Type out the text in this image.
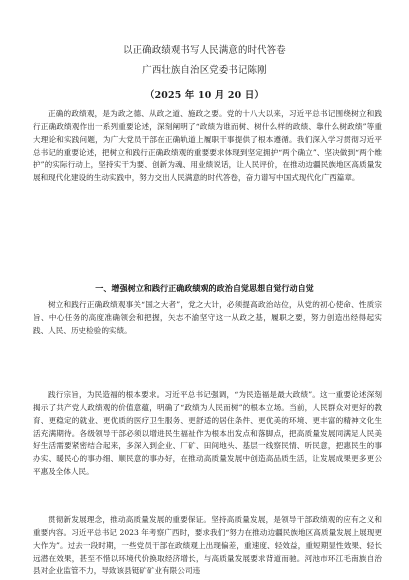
以正确政绩观书写人民满意的时代答卷
广西壮族自治区党委书记陈刚
（2025 年 10 月 20 日）

正确的政绩观，是为政之德、从政之道、施政之要。党的十八大以来，习近平总书记围绕树立和践行正确政绩观作出一系列重要论述，深刻阐明了“政绩为谁而树、树什么样的政绩、靠什么树政绩”等重大理论和实践问题，为广大党员干部在正确轨道上履职干事提供了根本遵循。我们深入学习贯彻习近平总书记的重要论述，把树立和践行正确政绩观的重要要求体现到坚定拥护“两个确立”、坚决做到“两个维护”的实际行动上，坚持实干为要、创新为魂、用业绩说话，让人民评价，在推动边疆民族地区高质量发展和现代化建设的生动实践中，努力交出人民满意的时代答卷，奋力谱写中国式现代化广西篇章。

一、增强树立和践行正确政绩观的政治自觉思想自觉行动自觉

树立和践行正确政绩观事关“国之大者”，党之大计，必须提高政治站位，从党的初心使命、性质宗旨、中心任务的高度准确领会和把握，矢志不渝坚守这一从政之基，履职之要，努力创造出经得起实践、人民、历史检验的实绩。

践行宗旨，为民造福的根本要求。习近平总书记强调，“为民造福是最大政绩”。这一重要论述深刻揭示了共产党人政绩观的价值意蕴，明确了“政绩为人民而树”的根本立场。当前，人民群众对更好的教育、更稳定的就业、更优质的医疗卫生服务、更舒适的居住条件、更优美的环境、更丰富的精神文化生活充满期待。各级领导干部必须以增进民生福祉作为根本出发点和落脚点，把高质量发展同满足人民美好生活需要紧密结合起来，多深入到企业、厂矿、田间地头、基层一线察民情、听民意，把惠民生的事办实、暖民心的事办细、顺民意的事办好，在推动高质量发展中创造高品质生活，让发展成果更多更公平惠及全体人民。

贯彻新发展理念，推动高质量发展的重要保证。坚持高质量发展，是领导干部政绩观的应有之义和重要内容。习近平总书记 2023 年考察广西时，要求我们“努力在推动边疆民族地区高质量发展上展现更大作为”。过去一段时期，一些党员干部在政绩观上出现偏差，重速度、轻效益，重短期显性效果、轻长远潜在效果，甚至不惜以环境代价换取经济增长，与高质量发展要求背道而驰。河池市环江毛南族自治县对企业监管不力，导致该县铤矿矿业有限公司违
